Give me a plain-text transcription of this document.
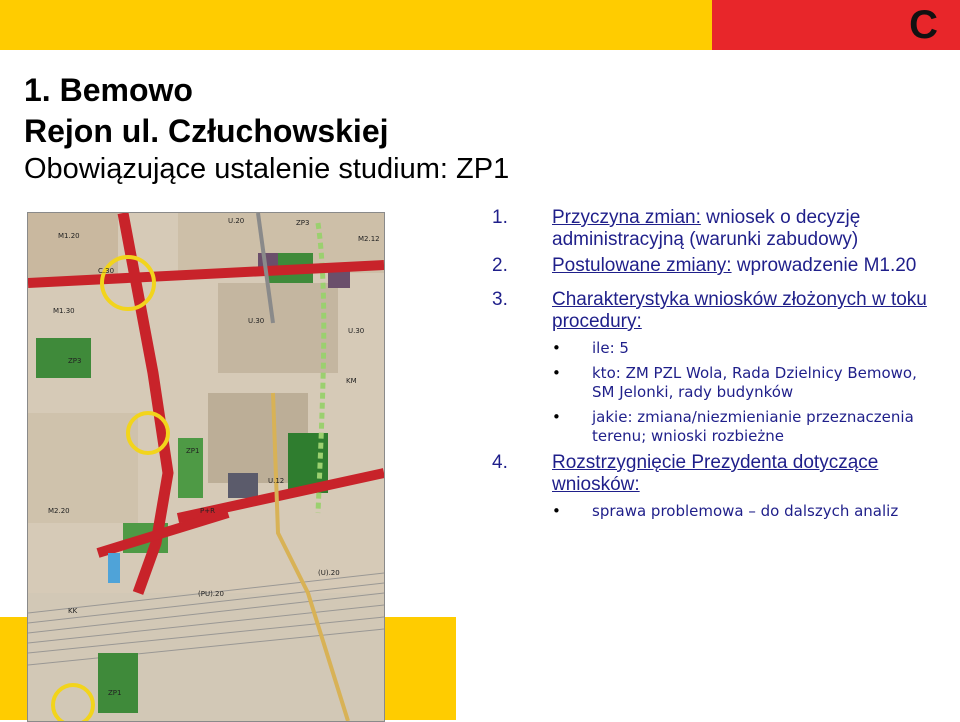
C
1. Bemowo
Rejon ul. Człuchowskiej
Obowiązujące ustalenie studium: ZP1
U.20	ZP3
M1.20
U.30
M2.12
C.30
M1.30
M2.20
ZP1
U.12
KM
ZP3
U.30
P+R
(U).20
KK
(PU).20
ZP1
1.	Przyczyna zmian: wniosek o decyzję administracyjną (warunki zabudowy)
2.	Postulowane zmiany: wprowadzenie M1.20
3.	Charakterystyka wniosków złożonych w toku procedury:
• ile: 5
• kto: ZM PZL Wola, Rada Dzielnicy Bemowo, SM Jelonki, rady budynków
• jakie: zmiana/niezmienianie przeznaczenia terenu; wnioski rozbieżne
4.	Rozstrzygnięcie Prezydenta dotyczące wniosków:
• sprawa problemowa – do dalszych analiz
